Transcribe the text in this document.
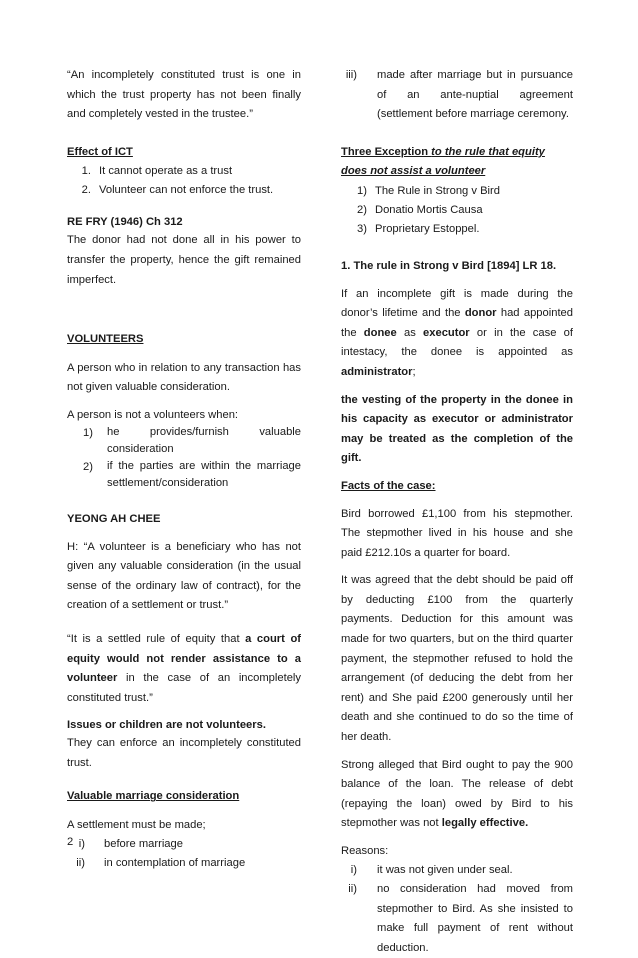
“An incompletely constituted trust is one in which the trust property has not been finally and completely vested in the trustee.”

Effect of ICT

1. It cannot operate as a trust
2. Volunteer can not enforce the trust.

RE FRY (1946) Ch 312

The donor had not done all in his power to transfer the property, hence the gift remained imperfect.

VOLUNTEERS

A person who in relation to any transaction has not given valuable consideration.

A person is not a volunteers when:

1)	he provides/furnish valuable consideration
2)	if the parties are within the marriage settlement/consideration

YEONG AH CHEE

H: “A volunteer is a beneficiary who has not given any valuable consideration (in the usual sense of the ordinary law of contract), for the creation of a settlement or trust.”

“It is a settled rule of equity that a court of equity would not render assistance to a volunteer in the case of an incompletely constituted trust.”

Issues or children are not volunteers.

They can enforce an incompletely constituted trust.

Valuable marriage consideration

A settlement must be made;

i)	before marriage
ii)	in contemplation of marriage
iii)	made after marriage but in pursuance of an ante-nuptial agreement (settlement before marriage ceremony.

Three Exception to the rule that equity does not assist a volunteer

1) The Rule in Strong v Bird
2) Donatio Mortis Causa
3) Proprietary Estoppel.

1. The rule in Strong v Bird [1894] LR 18.

If an incomplete gift is made during the donor’s lifetime and the donor had appointed the donee as executor or in the case of intestacy, the donee is appointed as administrator;

the vesting of the property in the donee in his capacity as executor or administrator may be treated as the completion of the gift.

Facts of the case:

Bird borrowed £1,100 from his stepmother. The stepmother lived in his house and she paid £212.10s a quarter for board.

It was agreed that the debt should be paid off by deducting £100 from the quarterly payments. Deduction for this amount was made for two quarters, but on the third quarter payment, the stepmother refused to hold the arrangement (of deducing the debt from her rent) and She paid £200 generously until her death and she continued to do so the time of her death.

Strong alleged that Bird ought to pay the 900 balance of the loan. The release of debt (repaying the loan) owed by Bird to his stepmother was not legally effective.

Reasons:

i)	it was not given under seal.
ii)	no consideration had moved from stepmother to Bird. As she insisted to make full payment of rent without deduction.
2
